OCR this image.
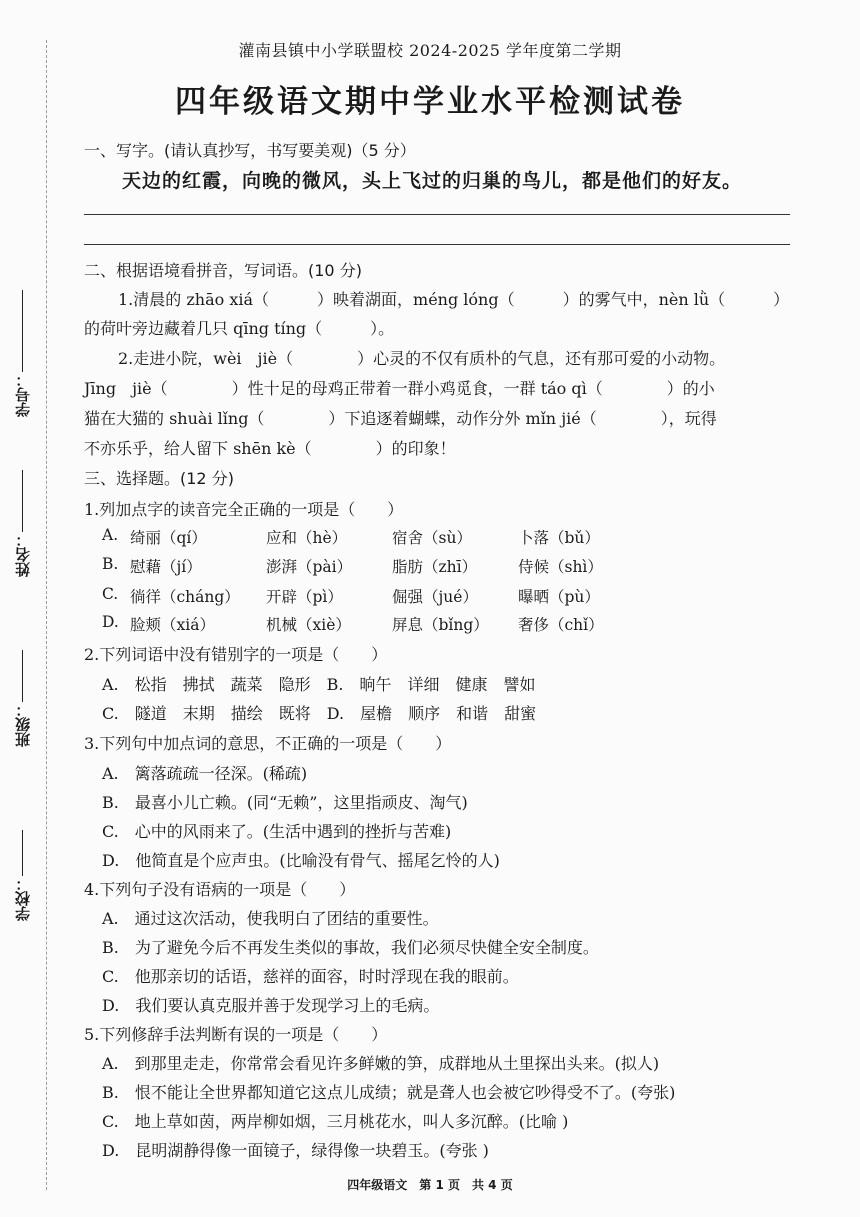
学号：
姓名：
班级：
学校：
灌南县镇中小学联盟校 2024-2025 学年度第二学期
四年级语文期中学业水平检测试卷
一、写字。(请认真抄写，书写要美观)（5 分）
天边的红霞，向晚的微风，头上飞过的归巢的鸟儿，都是他们的好友。
二、根据语境看拼音，写词语。(10 分)
1.清晨的 zhāo xiá（　　　）映着湖面，méng lóng（　　　）的雾气中，nèn lǜ（　　　）
的荷叶旁边藏着几只 qīng tíng（　　　）。
2.走进小院，wèi　jiè（　　　　）心灵的不仅有质朴的气息，还有那可爱的小动物。
Jīng　jiè（　　　　）性十足的母鸡正带着一群小鸡觅食，一群 táo qì（　　　　）的小
猫在大猫的 shuài lǐng（　　　　）下追逐着蝴蝶，动作分外 mǐn jié（　　　　），玩得
不亦乐乎，给人留下 shēn kè（　　　　）的印象！
三、选择题。(12 分)
1.列加点字的读音完全正确的一项是（　　）
A. 绮丽（qí）	应和（hè）	宿舍（sù）	卜落（bǔ）
B. 慰藉（jí）	澎湃（pài）	脂肪（zhī）	侍候（shì）
C. 徜徉（cháng）	开辟（pì）	倔强（jué）	曝晒（pù）
D. 脸颊（xiá）	机械（xiè）	屏息（bǐng）	奢侈（chǐ）
2.下列词语中没有错别字的一项是（　　）
A.　松指　拂拭　蔬菜　隐形　B.　晌午　详细　健康　譬如
C.　隧道　末期　描绘　既将　D.　屋檐　顺序　和谐　甜蜜
3.下列句中加点词的意思，不正确的一项是（　　）
A.　篱落疏疏一径深。(稀疏)
B.　最喜小儿亡赖。(同“无赖”，这里指顽皮、淘气)
C.　心中的风雨来了。(生活中遇到的挫折与苦难)
D.　他简直是个应声虫。(比喻没有骨气、摇尾乞怜的人)
4.下列句子没有语病的一项是（　　）
A.　通过这次活动，使我明白了团结的重要性。
B.　为了避免今后不再发生类似的事故，我们必须尽快健全安全制度。
C.　他那亲切的话语，慈祥的面容，时时浮现在我的眼前。
D.　我们要认真克服并善于发现学习上的毛病。
5.下列修辞手法判断有误的一项是（　　）
A.　到那里走走，你常常会看见许多鲜嫩的笋，成群地从土里探出头来。(拟人)
B.　恨不能让全世界都知道它这点儿成绩；就是聋人也会被它吵得受不了。(夸张)
C.　地上草如茵，两岸柳如烟，三月桃花水，叫人多沉醉。(比喻 )
D.　昆明湖静得像一面镜子，绿得像一块碧玉。(夸张 )
四年级语文　第 1 页　共 4 页
